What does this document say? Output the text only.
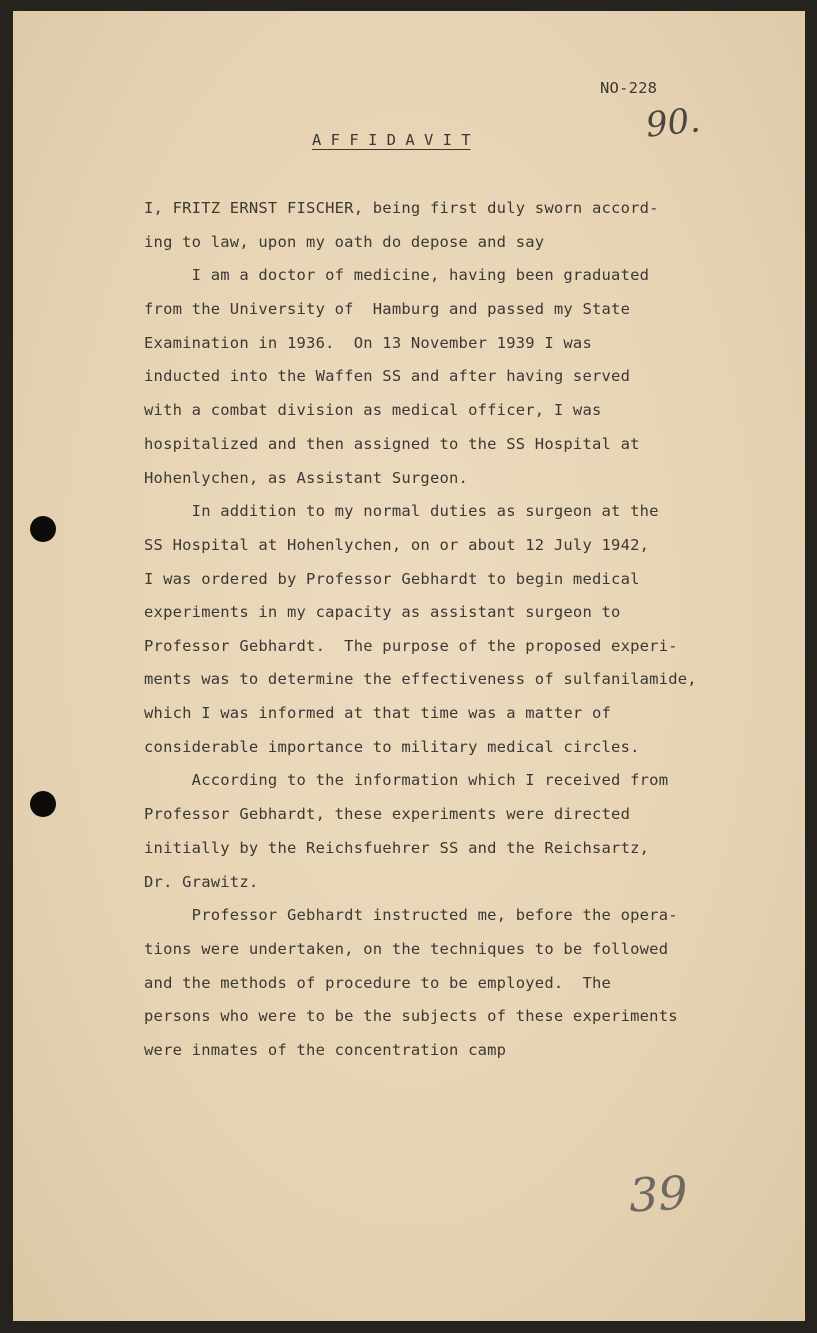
NO-228
90.
A F F I D A V I T
I, FRITZ ERNST FISCHER, being first duly sworn accord-
ing to law, upon my oath do depose and say
I am a doctor of medicine, having been graduated
from the University of  Hamburg and passed my State
Examination in 1936.  On 13 November 1939 I was
inducted into the Waffen SS and after having served
with a combat division as medical officer, I was
hospitalized and then assigned to the SS Hospital at
Hohenlychen, as Assistant Surgeon.
In addition to my normal duties as surgeon at the
SS Hospital at Hohenlychen, on or about 12 July 1942,
I was ordered by Professor Gebhardt to begin medical
experiments in my capacity as assistant surgeon to
Professor Gebhardt.  The purpose of the proposed experi-
ments was to determine the effectiveness of sulfanilamide,
which I was informed at that time was a matter of
considerable importance to military medical circles.
According to the information which I received from
Professor Gebhardt, these experiments were directed
initially by the Reichsfuehrer SS and the Reichsartz,
Dr. Grawitz.
Professor Gebhardt instructed me, before the opera-
tions were undertaken, on the techniques to be followed
and the methods of procedure to be employed.  The
persons who were to be the subjects of these experiments
were inmates of the concentration camp
39
